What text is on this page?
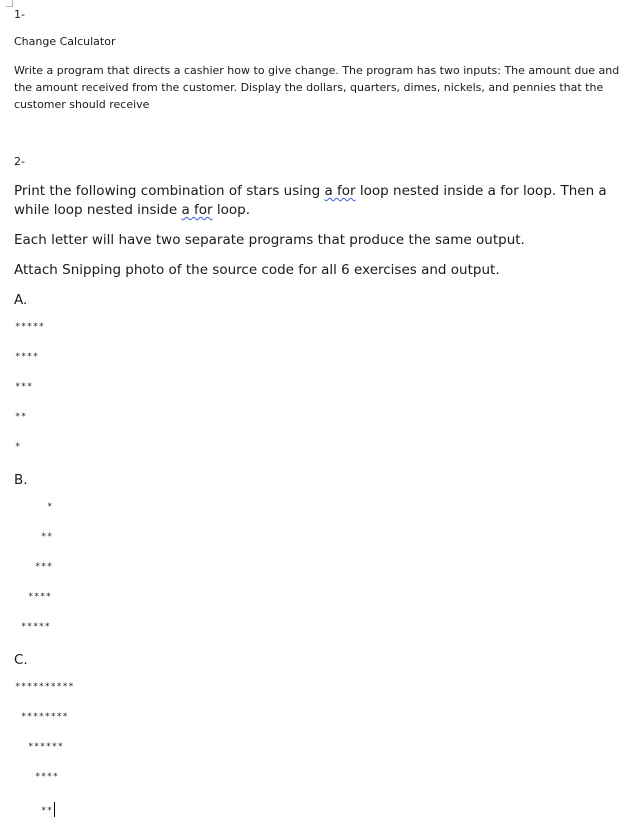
1-
Change Calculator
Write a program that directs a cashier how to give change. The program has two inputs: The amount due and the amount received from the customer. Display the dollars, quarters, dimes, nickels, and pennies that the customer should receive
2-
Print the following combination of stars using a for loop nested inside a for loop. Then a while loop nested inside a for loop.
Each letter will have two separate programs that produce the same output.
Attach Snipping photo of the source code for all 6 exercises and output.
A.
*****
****
***
**
*
B.
*
**
***
****
*****
C.
**********
********
******
****
**
